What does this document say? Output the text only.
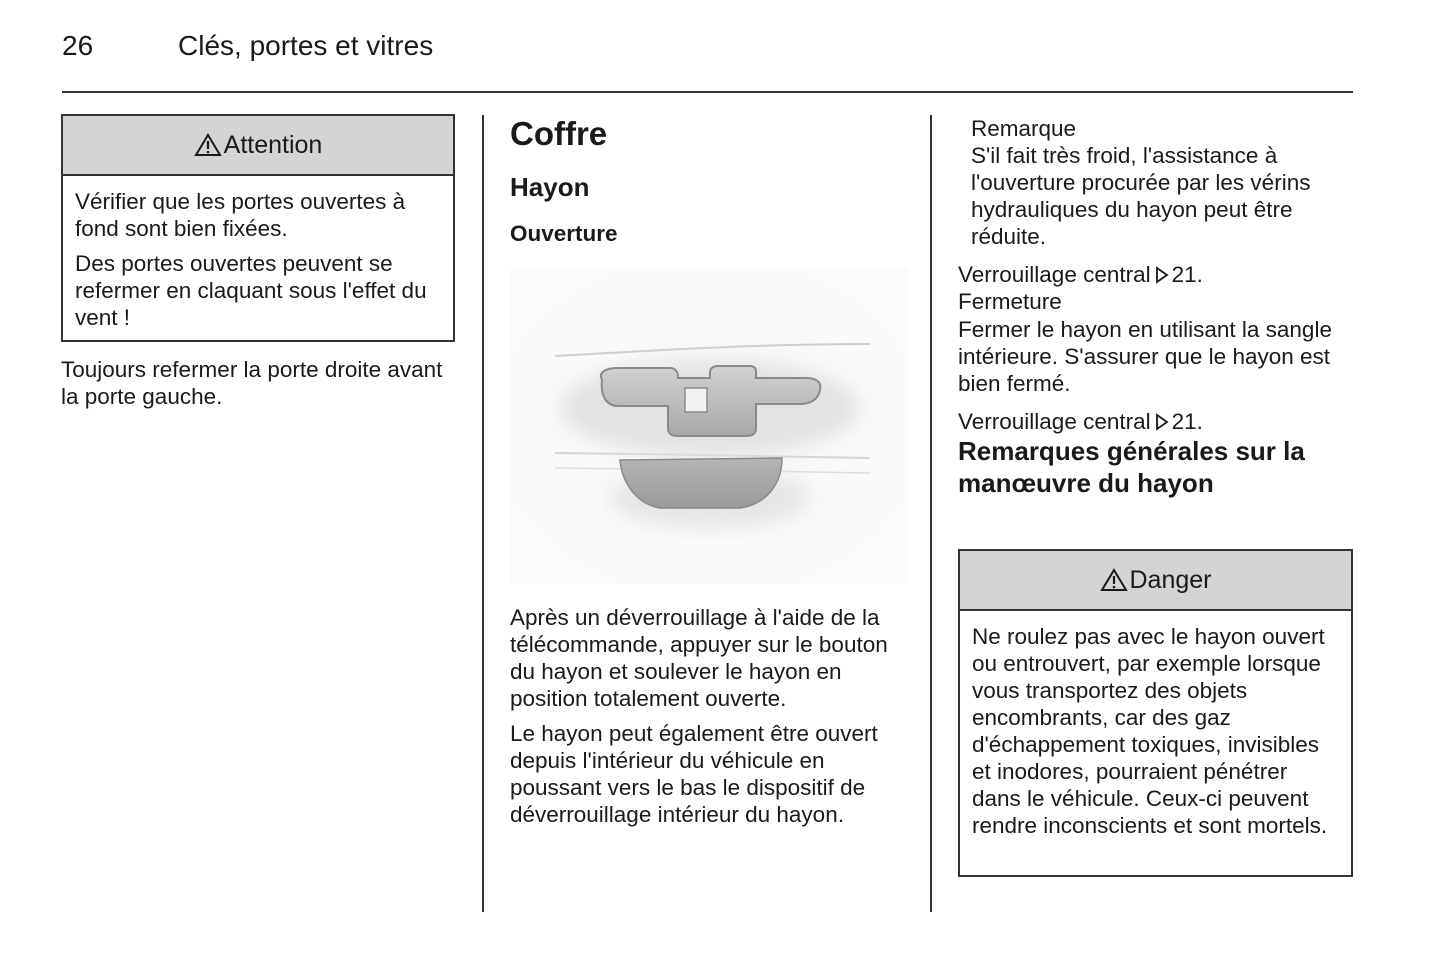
26	Clés, portes et vitres
Attention

Vérifier que les portes ouvertes à fond sont bien fixées.

Des portes ouvertes peuvent se refermer en claquant sous l'effet du vent !

Toujours refermer la porte droite avant la porte gauche.

Coffre
Hayon
Ouverture

Après un déverrouillage à l'aide de la télécommande, appuyer sur le bouton du hayon et soulever le hayon en position totalement ouverte.

Le hayon peut également être ouvert depuis l'intérieur du véhicule en poussant vers le bas le dispositif de déverrouillage intérieur du hayon.

Remarque

S'il fait très froid, l'assistance à l'ouverture procurée par les vérins hydrauliques du hayon peut être réduite.

Verrouillage central 21.

Fermeture

Fermer le hayon en utilisant la sangle intérieure. S'assurer que le hayon est bien fermé.

Verrouillage central 21.

Remarques générales sur la manœuvre du hayon
Danger

Ne roulez pas avec le hayon ouvert ou entrouvert, par exemple lorsque vous transportez des objets encombrants, car des gaz d'échappement toxiques, invisibles et inodores, pourraient pénétrer dans le véhicule. Ceux-ci peuvent rendre inconscients et sont mortels.
